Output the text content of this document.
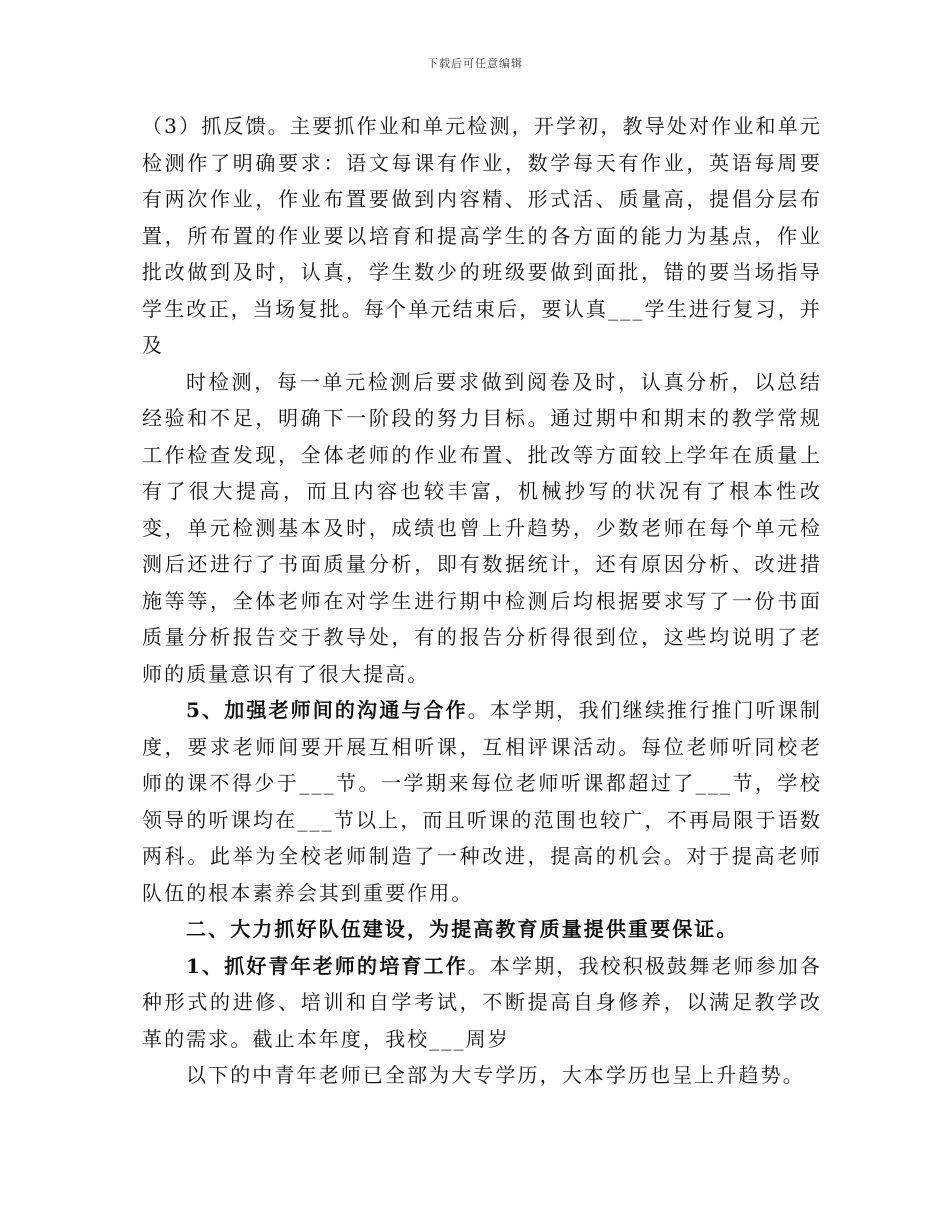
下载后可任意编辑

（3）抓反馈。主要抓作业和单元检测，开学初，教导处对作业和单元检测作了明确要求：语文每课有作业，数学每天有作业，英语每周要有两次作业，作业布置要做到内容精、形式活、质量高，提倡分层布置，所布置的作业要以培育和提高学生的各方面的能力为基点，作业批改做到及时，认真，学生数少的班级要做到面批，错的要当场指导学生改正，当场复批。每个单元结束后，要认真___学生进行复习，并及

时检测，每一单元检测后要求做到阅卷及时，认真分析，以总结经验和不足，明确下一阶段的努力目标。通过期中和期末的教学常规工作检查发现，全体老师的作业布置、批改等方面较上学年在质量上有了很大提高，而且内容也较丰富，机械抄写的状况有了根本性改变，单元检测基本及时，成绩也曾上升趋势，少数老师在每个单元检测后还进行了书面质量分析，即有数据统计，还有原因分析、改进措施等等，全体老师在对学生进行期中检测后均根据要求写了一份书面质量分析报告交于教导处，有的报告分析得很到位，这些均说明了老师的质量意识有了很大提高。

5、加强老师间的沟通与合作。本学期，我们继续推行推门听课制度，要求老师间要开展互相听课，互相评课活动。每位老师听同校老师的课不得少于___节。一学期来每位老师听课都超过了___节，学校领导的听课均在___节以上，而且听课的范围也较广，不再局限于语数两科。此举为全校老师制造了一种改进，提高的机会。对于提高老师队伍的根本素养会其到重要作用。

二、大力抓好队伍建设，为提高教育质量提供重要保证。

1、抓好青年老师的培育工作。本学期，我校积极鼓舞老师参加各种形式的进修、培训和自学考试，不断提高自身修养，以满足教学改革的需求。截止本年度，我校___周岁

以下的中青年老师已全部为大专学历，大本学历也呈上升趋势。
